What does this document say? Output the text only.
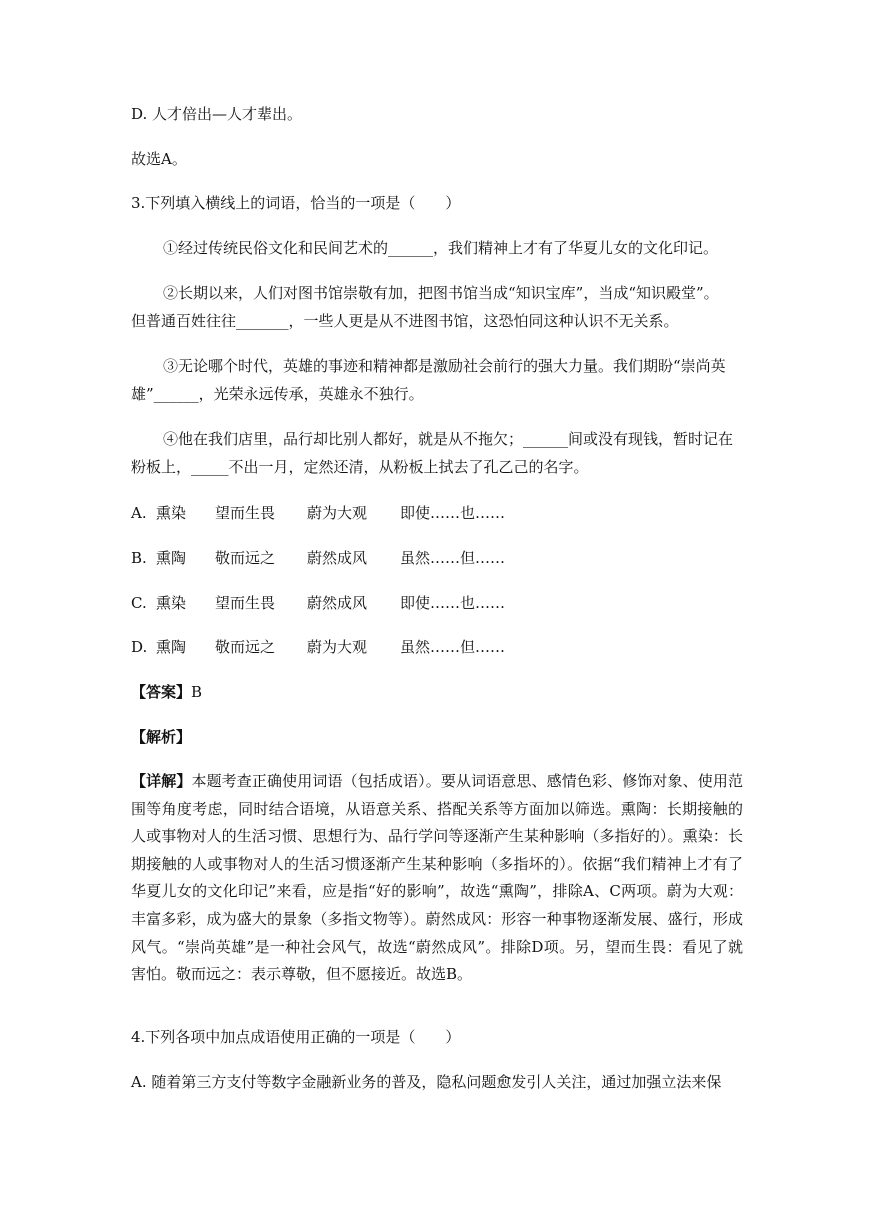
D. 人才倍出—人才辈出。
故选A。
3.下列填入横线上的词语，恰当的一项是（　　）
①经过传统民俗文化和民间艺术的______，我们精神上才有了华夏儿女的文化印记。
②长期以来，人们对图书馆崇敬有加，把图书馆当成“知识宝库”，当成“知识殿堂”。
但普通百姓往往_______，一些人更是从不进图书馆，这恐怕同这种认识不无关系。
③无论哪个时代，英雄的事迹和精神都是激励社会前行的强大力量。我们期盼“崇尚英
雄”______，光荣永远传承，英雄永不独行。
④他在我们店里，品行却比别人都好，就是从不拖欠；______间或没有现钱，暂时记在
粉板上，_____不出一月，定然还清，从粉板上拭去了孔乙己的名字。
A. 熏染 望而生畏 蔚为大观 即使……也……
B. 熏陶 敬而远之 蔚然成风 虽然……但……
C. 熏染 望而生畏 蔚然成风 即使……也……
D. 熏陶 敬而远之 蔚为大观 虽然……但……
【答案】B
【解析】
【详解】本题考查正确使用词语（包括成语）。要从词语意思、感情色彩、修饰对象、使用范围等角度考虑，同时结合语境，从语意关系、搭配关系等方面加以筛选。熏陶：长期接触的人或事物对人的生活习惯、思想行为、品行学问等逐渐产生某种影响（多指好的）。熏染：长期接触的人或事物对人的生活习惯逐渐产生某种影响（多指坏的）。依据“我们精神上才有了华夏儿女的文化印记”来看，应是指“好的影响”，故选“熏陶”，排除A、C两项。蔚为大观：丰富多彩，成为盛大的景象（多指文物等）。蔚然成风：形容一种事物逐渐发展、盛行，形成风气。“崇尚英雄”是一种社会风气，故选“蔚然成风”。排除D项。另，望而生畏：看见了就害怕。敬而远之：表示尊敬，但不愿接近。故选B。
4.下列各项中加点成语使用正确的一项是（　　）
A. 随着第三方支付等数字金融新业务的普及，隐私问题愈发引人关注，通过加强立法来保
